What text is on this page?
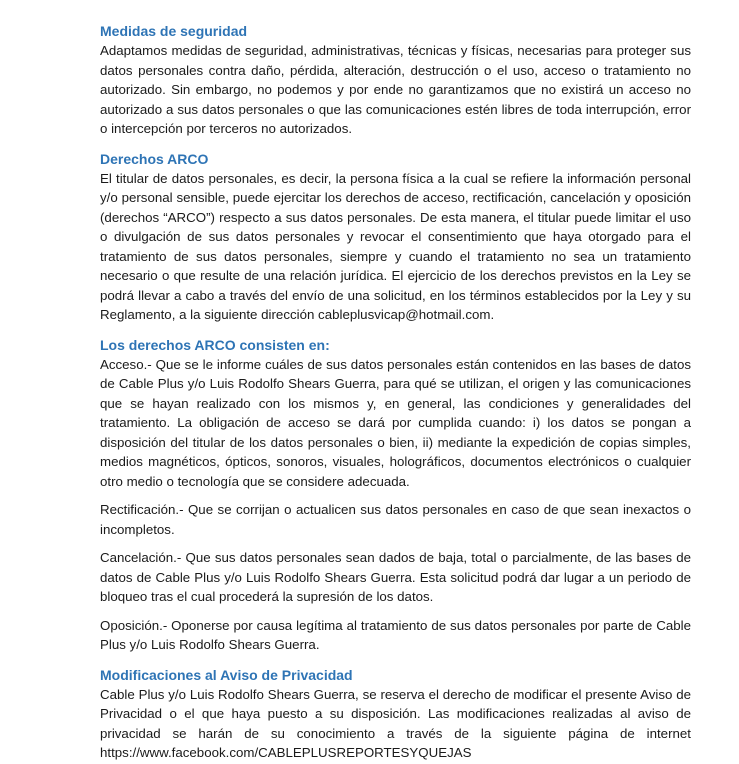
Medidas de seguridad

Adaptamos medidas de seguridad, administrativas, técnicas y físicas, necesarias para proteger sus datos personales contra daño, pérdida, alteración, destrucción o el uso, acceso o tratamiento no autorizado. Sin embargo, no podemos y por ende no garantizamos que no existirá un acceso no autorizado a sus datos personales o que las comunicaciones estén libres de toda interrupción, error o intercepción por terceros no autorizados.

Derechos ARCO

El titular de datos personales, es decir, la persona física a la cual se refiere la información personal y/o personal sensible, puede ejercitar los derechos de acceso, rectificación, cancelación y oposición (derechos “ARCO”) respecto a sus datos personales. De esta manera, el titular puede limitar el uso o divulgación de sus datos personales y revocar el consentimiento que haya otorgado para el tratamiento de sus datos personales, siempre y cuando el tratamiento no sea un tratamiento necesario o que resulte de una relación jurídica. El ejercicio de los derechos previstos en la Ley se podrá llevar a cabo a través del envío de una solicitud, en los términos establecidos por la Ley y su Reglamento, a la siguiente dirección cableplusvicap@hotmail.com.

Los derechos ARCO consisten en:

Acceso.- Que se le informe cuáles de sus datos personales están contenidos en las bases de datos de Cable Plus y/o Luis Rodolfo Shears Guerra, para qué se utilizan, el origen y las comunicaciones que se hayan realizado con los mismos y, en general, las condiciones y generalidades del tratamiento. La obligación de acceso se dará por cumplida cuando: i) los datos se pongan a disposición del titular de los datos personales o bien, ii) mediante la expedición de copias simples, medios magnéticos, ópticos, sonoros, visuales, holográficos, documentos electrónicos o cualquier otro medio o tecnología que se considere adecuada.

Rectificación.- Que se corrijan o actualicen sus datos personales en caso de que sean inexactos o incompletos.

Cancelación.- Que sus datos personales sean dados de baja, total o parcialmente, de las bases de datos de Cable Plus y/o Luis Rodolfo Shears Guerra. Esta solicitud podrá dar lugar a un periodo de bloqueo tras el cual procederá la supresión de los datos.

Oposición.- Oponerse por causa legítima al tratamiento de sus datos personales por parte de Cable Plus y/o Luis Rodolfo Shears Guerra.

Modificaciones al Aviso de Privacidad

Cable Plus y/o Luis Rodolfo Shears Guerra, se reserva el derecho de modificar el presente Aviso de Privacidad o el que haya puesto a su disposición. Las modificaciones realizadas al aviso de privacidad se harán de su conocimiento a través de la siguiente página de internet https://www.facebook.com/CABLEPLUSREPORTESYQUEJAS
